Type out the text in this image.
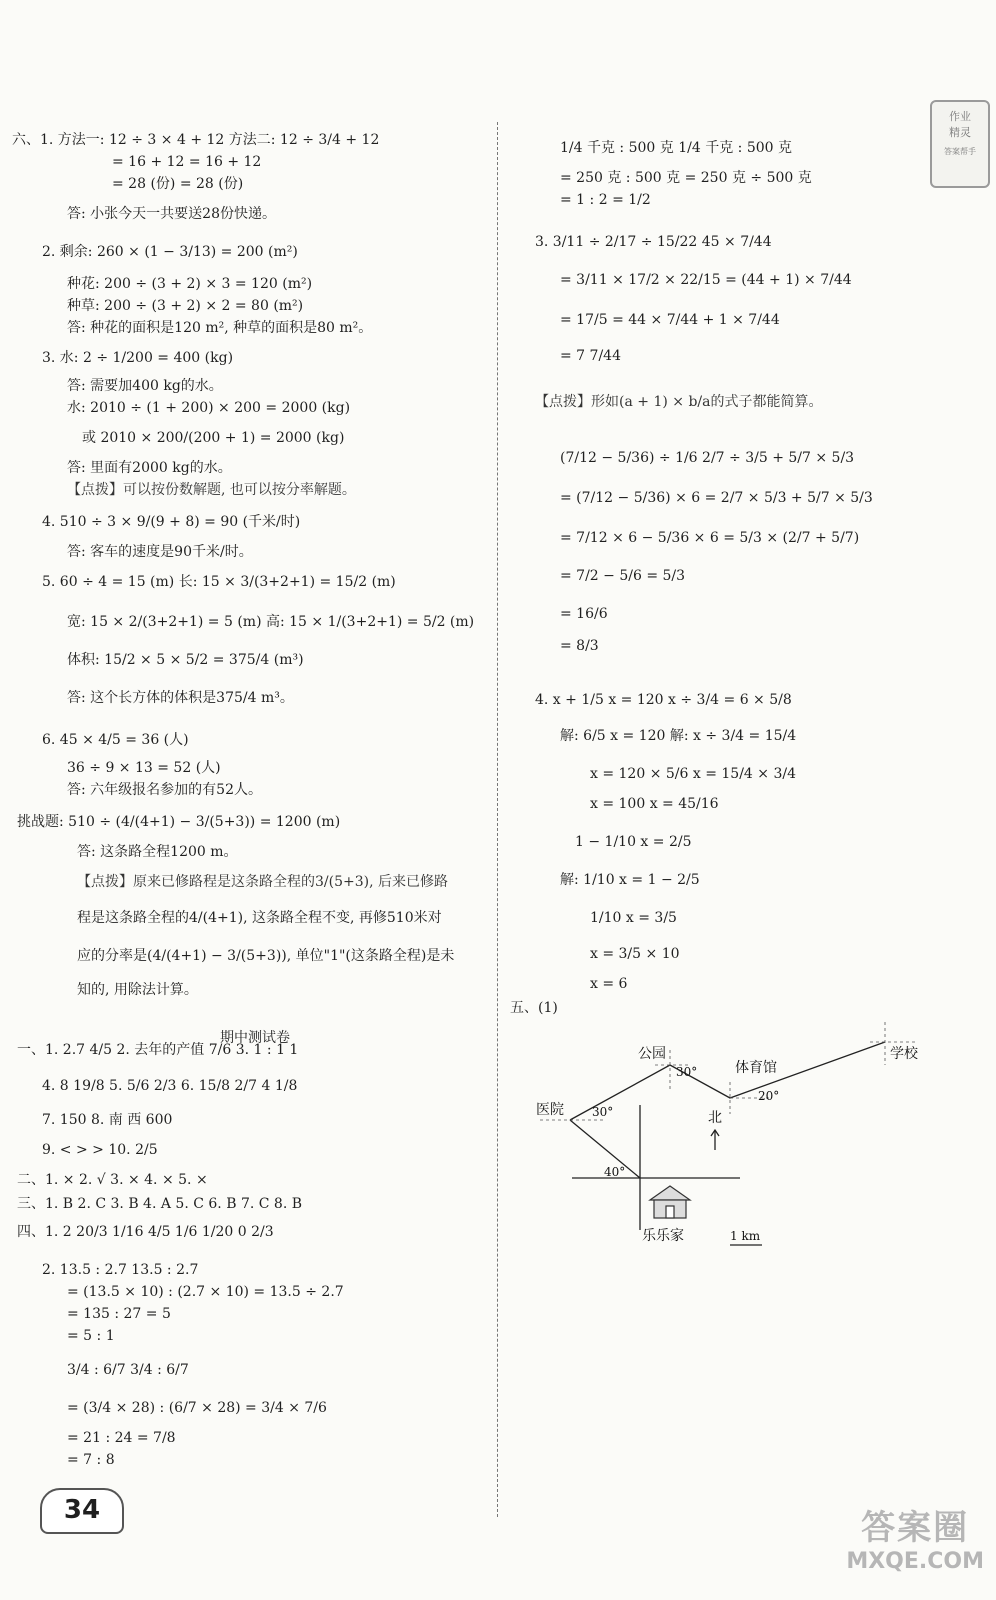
作业
精灵
答案帮手
六、1. 方法一: 12 ÷ 3 × 4 + 12 方法二: 12 ÷ 3/4 + 12
= 16 + 12 = 16 + 12
= 28 (份) = 28 (份)
答: 小张今天一共要送28份快递。
2. 剩余: 260 × (1 − 3/13) = 200 (m²)
种花: 200 ÷ (3 + 2) × 3 = 120 (m²)
种草: 200 ÷ (3 + 2) × 2 = 80 (m²)
答: 种花的面积是120 m², 种草的面积是80 m²。
3. 水: 2 ÷ 1/200 = 400 (kg)
答: 需要加400 kg的水。
水: 2010 ÷ (1 + 200) × 200 = 2000 (kg)
或 2010 × 200/(200 + 1) = 2000 (kg)
答: 里面有2000 kg的水。
【点拨】可以按份数解题, 也可以按分率解题。
4. 510 ÷ 3 × 9/(9 + 8) = 90 (千米/时)
答: 客车的速度是90千米/时。
5. 60 ÷ 4 = 15 (m) 长: 15 × 3/(3+2+1) = 15/2 (m)
宽: 15 × 2/(3+2+1) = 5 (m) 高: 15 × 1/(3+2+1) = 5/2 (m)
体积: 15/2 × 5 × 5/2 = 375/4 (m³)
答: 这个长方体的体积是375/4 m³。
6. 45 × 4/5 = 36 (人)
36 ÷ 9 × 13 = 52 (人)
答: 六年级报名参加的有52人。
挑战题: 510 ÷ (4/(4+1) − 3/(5+3)) = 1200 (m)
答: 这条路全程1200 m。
【点拨】原来已修路程是这条路全程的3/(5+3), 后来已修路
程是这条路全程的4/(4+1), 这条路全程不变, 再修510米对
应的分率是(4/(4+1) − 3/(5+3)), 单位"1"(这条路全程)是未
知的, 用除法计算。
一、1. 2.7 4/5 2. 去年的产值 7/6 3. 1 : 1 1
4. 8 19/8 5. 5/6 2/3 6. 15/8 2/7 4 1/8
7. 150 8. 南 西 600
9. < > > 10. 2/5
二、1. × 2. √ 3. × 4. × 5. ×
三、1. B 2. C 3. B 4. A 5. C 6. B 7. C 8. B
四、1. 2 20/3 1/16 4/5 1/6 1/20 0 2/3
2. 13.5 : 2.7 13.5 : 2.7
= (13.5 × 10) : (2.7 × 10) = 13.5 ÷ 2.7
= 135 : 27 = 5
= 5 : 1
3/4 : 6/7 3/4 : 6/7
= (3/4 × 28) : (6/7 × 28) = 3/4 × 7/6
= 21 : 24 = 7/8
= 7 : 8
期中测试卷
1/4 千克 : 500 克 1/4 千克 : 500 克
= 250 克 : 500 克 = 250 克 ÷ 500 克
= 1 : 2 = 1/2
3. 3/11 ÷ 2/17 ÷ 15/22 45 × 7/44
= 3/11 × 17/2 × 22/15 = (44 + 1) × 7/44
= 17/5 = 44 × 7/44 + 1 × 7/44
= 7 7/44
【点拨】形如(a + 1) × b/a的式子都能简算。
(7/12 − 5/36) ÷ 1/6 2/7 ÷ 3/5 + 5/7 × 5/3
= (7/12 − 5/36) × 6 = 2/7 × 5/3 + 5/7 × 5/3
= 7/12 × 6 − 5/36 × 6 = 5/3 × (2/7 + 5/7)
= 7/2 − 5/6 = 5/3
= 16/6
= 8/3
4. x + 1/5 x = 120 x ÷ 3/4 = 6 × 5/8
解: 6/5 x = 120 解: x ÷ 3/4 = 15/4
x = 120 × 5/6 x = 15/4 × 3/4
x = 100 x = 45/16
1 − 1/10 x = 2/5
解: 1/10 x = 1 − 2/5
1/10 x = 3/5
x = 3/5 × 10
x = 6
五、(1)
公园
30°	体育馆
学校
医院 30°	北
20°
40°
乐乐家	1 km
34	答案圈
MXQE.COM
